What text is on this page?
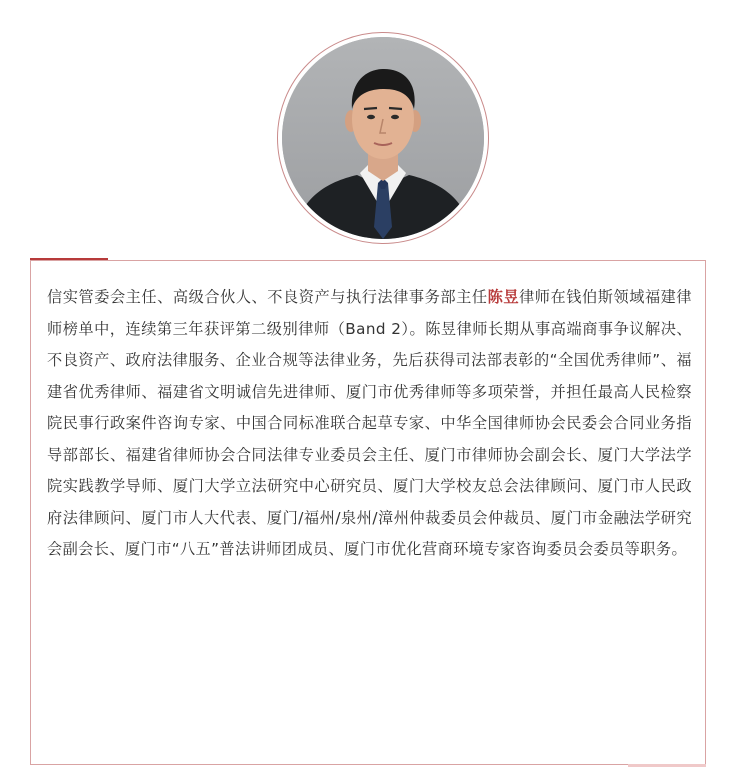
信实管委会主任、高级合伙人、不良资产与执行法律事务部主任陈昱律师在钱伯斯领域福建律师榜单中，连续第三年获评第二级别律师（Band 2）。陈昱律师长期从事高端商事争议解决、不良资产、政府法律服务、企业合规等法律业务，先后获得司法部表彰的“全国优秀律师”、福建省优秀律师、福建省文明诚信先进律师、厦门市优秀律师等多项荣誉，并担任最高人民检察院民事行政案件咨询专家、中国合同标准联合起草专家、中华全国律师协会民委会合同业务指导部部长、福建省律师协会合同法律专业委员会主任、厦门市律师协会副会长、厦门大学法学院实践教学导师、厦门大学立法研究中心研究员、厦门大学校友总会法律顾问、厦门市人民政府法律顾问、厦门市人大代表、厦门/福州/泉州/漳州仲裁委员会仲裁员、厦门市金融法学研究会副会长、厦门市“八五”普法讲师团成员、厦门市优化营商环境专家咨询委员会委员等职务。
